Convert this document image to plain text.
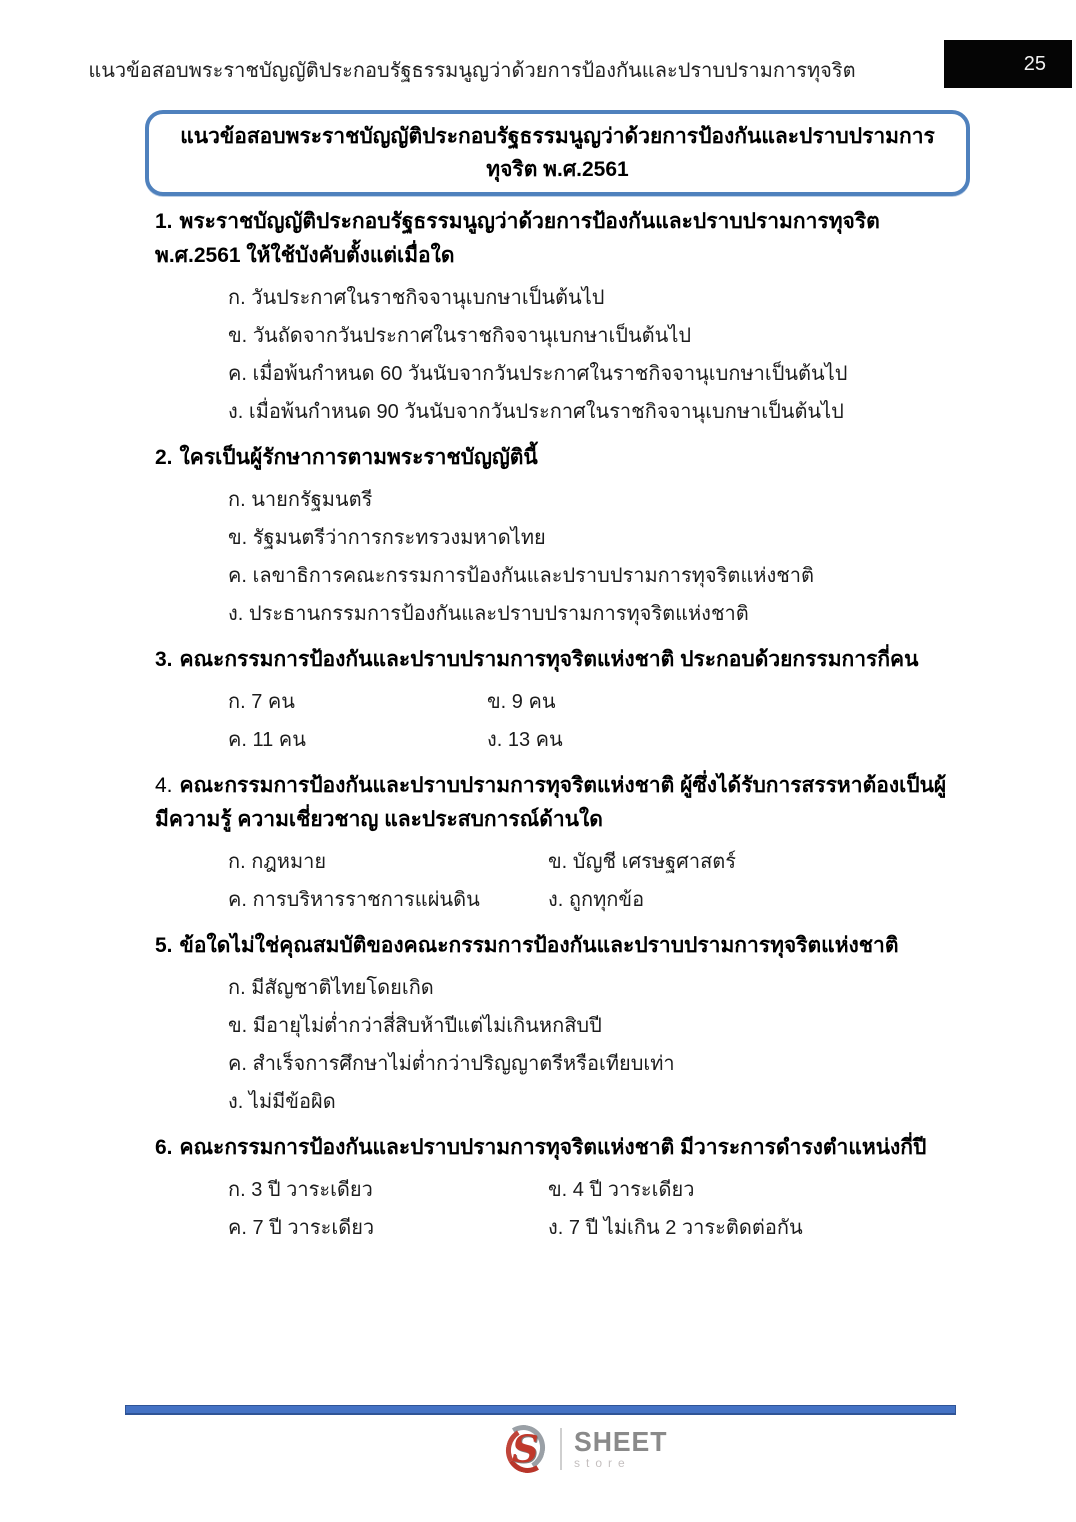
แนวข้อสอบพระราชบัญญัติประกอบรัฐธรรมนูญว่าด้วยการป้องกันและปราบปรามการทุจริต	25
แนวข้อสอบพระราชบัญญัติประกอบรัฐธรรมนูญว่าด้วยการป้องกันและปราบปรามการทุจริต พ.ศ.2561
1. พระราชบัญญัติประกอบรัฐธรรมนูญว่าด้วยการป้องกันและปราบปรามการทุจริต พ.ศ.2561 ให้ใช้บังคับตั้งแต่เมื่อใด
ก. วันประกาศในราชกิจจานุเบกษาเป็นต้นไป
ข. วันถัดจากวันประกาศในราชกิจจานุเบกษาเป็นต้นไป
ค. เมื่อพ้นกำหนด 60 วันนับจากวันประกาศในราชกิจจานุเบกษาเป็นต้นไป
ง. เมื่อพ้นกำหนด 90 วันนับจากวันประกาศในราชกิจจานุเบกษาเป็นต้นไป
2. ใครเป็นผู้รักษาการตามพระราชบัญญัตินี้
ก. นายกรัฐมนตรี
ข. รัฐมนตรีว่าการกระทรวงมหาดไทย
ค. เลขาธิการคณะกรรมการป้องกันและปราบปรามการทุจริตแห่งชาติ
ง. ประธานกรรมการป้องกันและปราบปรามการทุจริตแห่งชาติ
3. คณะกรรมการป้องกันและปราบปรามการทุจริตแห่งชาติ ประกอบด้วยกรรมการกี่คน
ก. 7 คน	ข. 9 คน
ค. 11 คน	ง. 13 คน
4. คณะกรรมการป้องกันและปราบปรามการทุจริตแห่งชาติ ผู้ซึ่งได้รับการสรรหาต้องเป็นผู้มีความรู้ ความเชี่ยวชาญ และประสบการณ์ด้านใด
ก. กฎหมาย	ข. บัญชี เศรษฐศาสตร์
ค. การบริหารราชการแผ่นดิน	ง. ถูกทุกข้อ
5. ข้อใดไม่ใช่คุณสมบัติของคณะกรรมการป้องกันและปราบปรามการทุจริตแห่งชาติ
ก. มีสัญชาติไทยโดยเกิด
ข. มีอายุไม่ต่ำกว่าสี่สิบห้าปีแต่ไม่เกินหกสิบปี
ค. สำเร็จการศึกษาไม่ต่ำกว่าปริญญาตรีหรือเทียบเท่า
ง. ไม่มีข้อผิด
6. คณะกรรมการป้องกันและปราบปรามการทุจริตแห่งชาติ มีวาระการดำรงตำแหน่งกี่ปี
ก. 3 ปี วาระเดียว	ข. 4 ปี วาระเดียว
ค. 7 ปี วาระเดียว	ง. 7 ปี ไม่เกิน 2 วาระติดต่อกัน
S SHEET
store
